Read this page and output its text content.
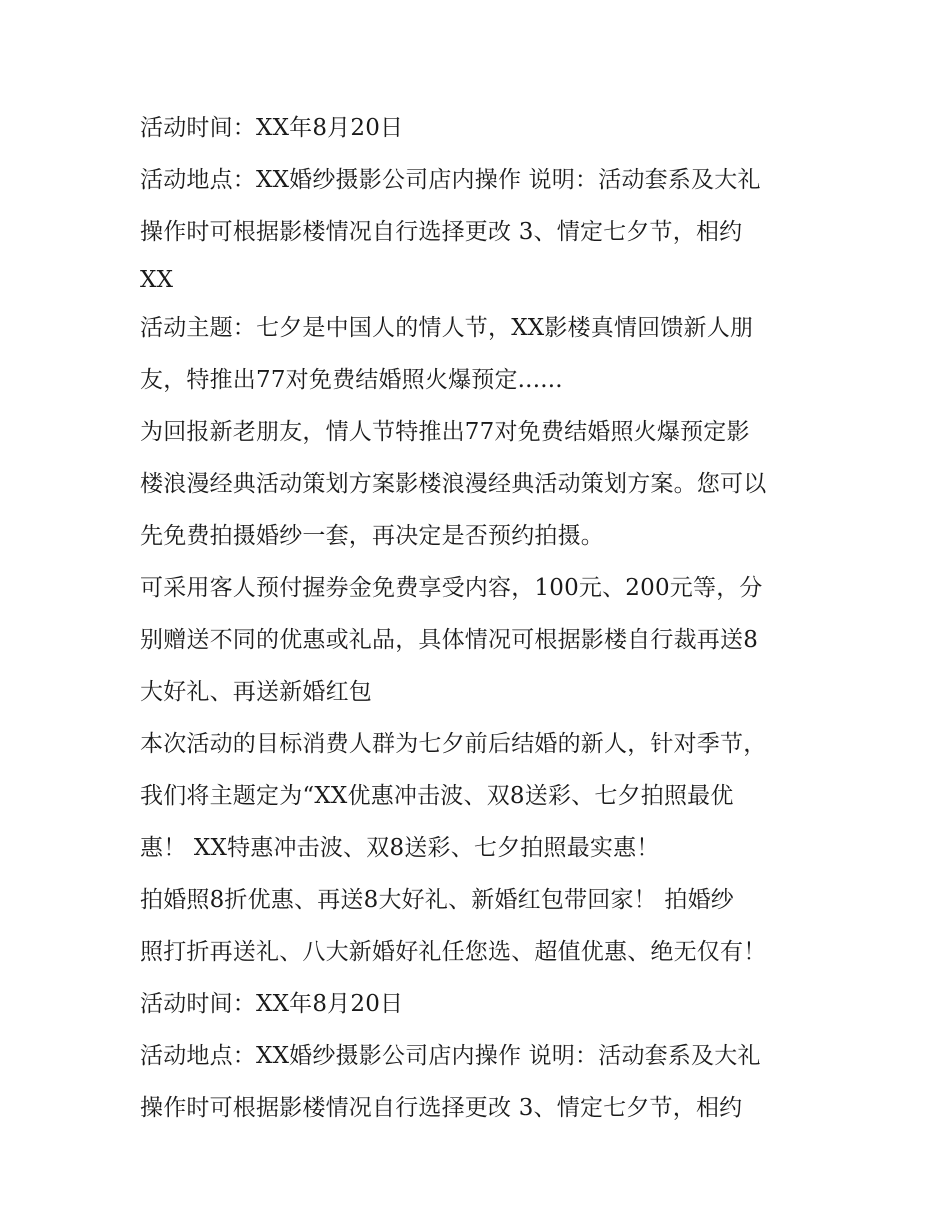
活动时间：XX年8月20日
活动地点：XX婚纱摄影公司店内操作 说明：活动套系及大礼
操作时可根据影楼情况自行选择更改 3、情定七夕节，相约
XX
活动主题：七夕是中国人的情人节，XX影楼真情回馈新人朋
友，特推出77对免费结婚照火爆预定......
为回报新老朋友，情人节特推出77对免费结婚照火爆预定影
楼浪漫经典活动策划方案影楼浪漫经典活动策划方案。您可以
先免费拍摄婚纱一套，再决定是否预约拍摄。
可采用客人预付握券金免费享受内容，100元、200元等，分
别赠送不同的优惠或礼品，具体情况可根据影楼自行裁再送8
大好礼、再送新婚红包
本次活动的目标消费人群为七夕前后结婚的新人，针对季节，
我们将主题定为“XX优惠冲击波、双8送彩、七夕拍照最优
惠！ XX特惠冲击波、双8送彩、七夕拍照最实惠！
拍婚照8折优惠、再送8大好礼、新婚红包带回家！ 拍婚纱
照打折再送礼、八大新婚好礼任您选、超值优惠、绝无仅有！
活动时间：XX年8月20日
活动地点：XX婚纱摄影公司店内操作 说明：活动套系及大礼
操作时可根据影楼情况自行选择更改 3、情定七夕节，相约
